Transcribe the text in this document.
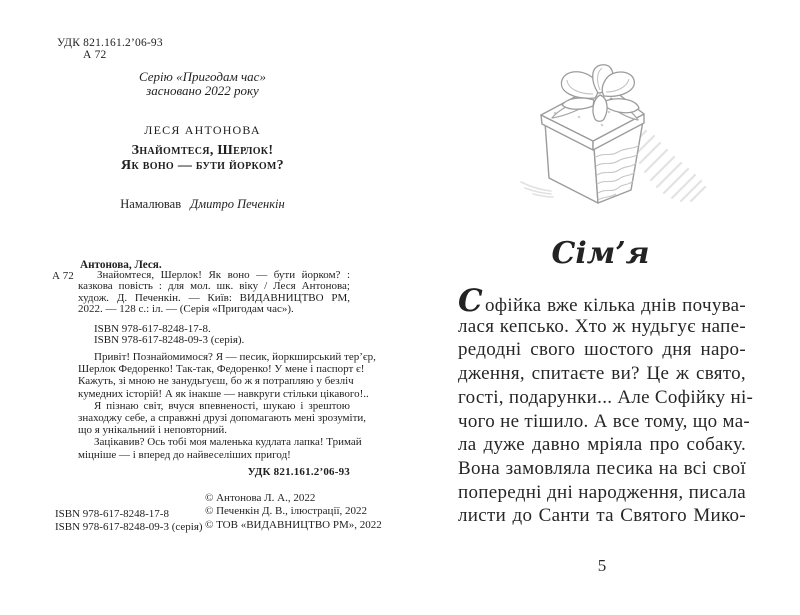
УДК 821.161.2’06-93
А 72
Серію «Пригодам час»
засновано 2022 року
ЛЕСЯ АНТОНОВА
Знайомтеся, Шерлок!
Як воно — бути йорком?
Намалював Дмитро Печенкін
Антонова, Леся.
А 72	Знайомтеся, Шерлок! Як воно — бути йорком? :
казкова повість : для мол. шк. віку / Леся Антонова;
худож. Д. Печенкін. — Київ: ВИДАВНИЦТВО РМ,
2022. — 128 с.: іл. — (Серія «Пригодам час»).
ISBN 978-617-8248-17-8.
ISBN 978-617-8248-09-3 (серія).
Привіт! Познайомимося? Я — песик, йоркширський тер’єр,
Шерлок Федоренко! Так-так, Федоренко! У мене і паспорт є!
Кажуть, зі мною не занудьгуєш, бо ж я потрапляю у безліч
кумедних історій! А як інакше — навкруги стільки цікавого!..
Я пізнаю світ, вчуся впевненості, шукаю і зрештою
знаходжу себе, а справжні друзі допомагають мені зрозуміти,
що я унікальний і неповторний.
Зацікавив? Ось тобі моя маленька кудлата лапка! Тримай
міцніше — і вперед до найвеселіших пригод!
УДК 821.161.2’06-93
ISBN 978-617-8248-17-8
ISBN 978-617-8248-09-3 (серія)
© Антонова Л. А., 2022
© Печенкін Д. В., ілюстрації, 2022
© ТОВ «ВИДАВНИЦТВО РМ», 2022
Сім’я
С офійка вже кілька днів почува-
лася кепсько. Хто ж нудьгує напе-
редодні свого шостого дня наро-
дження, спитаєте ви? Це ж свято,
гості, подарунки... Але Софійку ні-
чого не тішило. А все тому, що ма-
ла дуже давно мріяла про собаку.
Вона замовляла песика на всі свої
попередні дні народження, писала
листи до Санти та Святого Мико-
5
